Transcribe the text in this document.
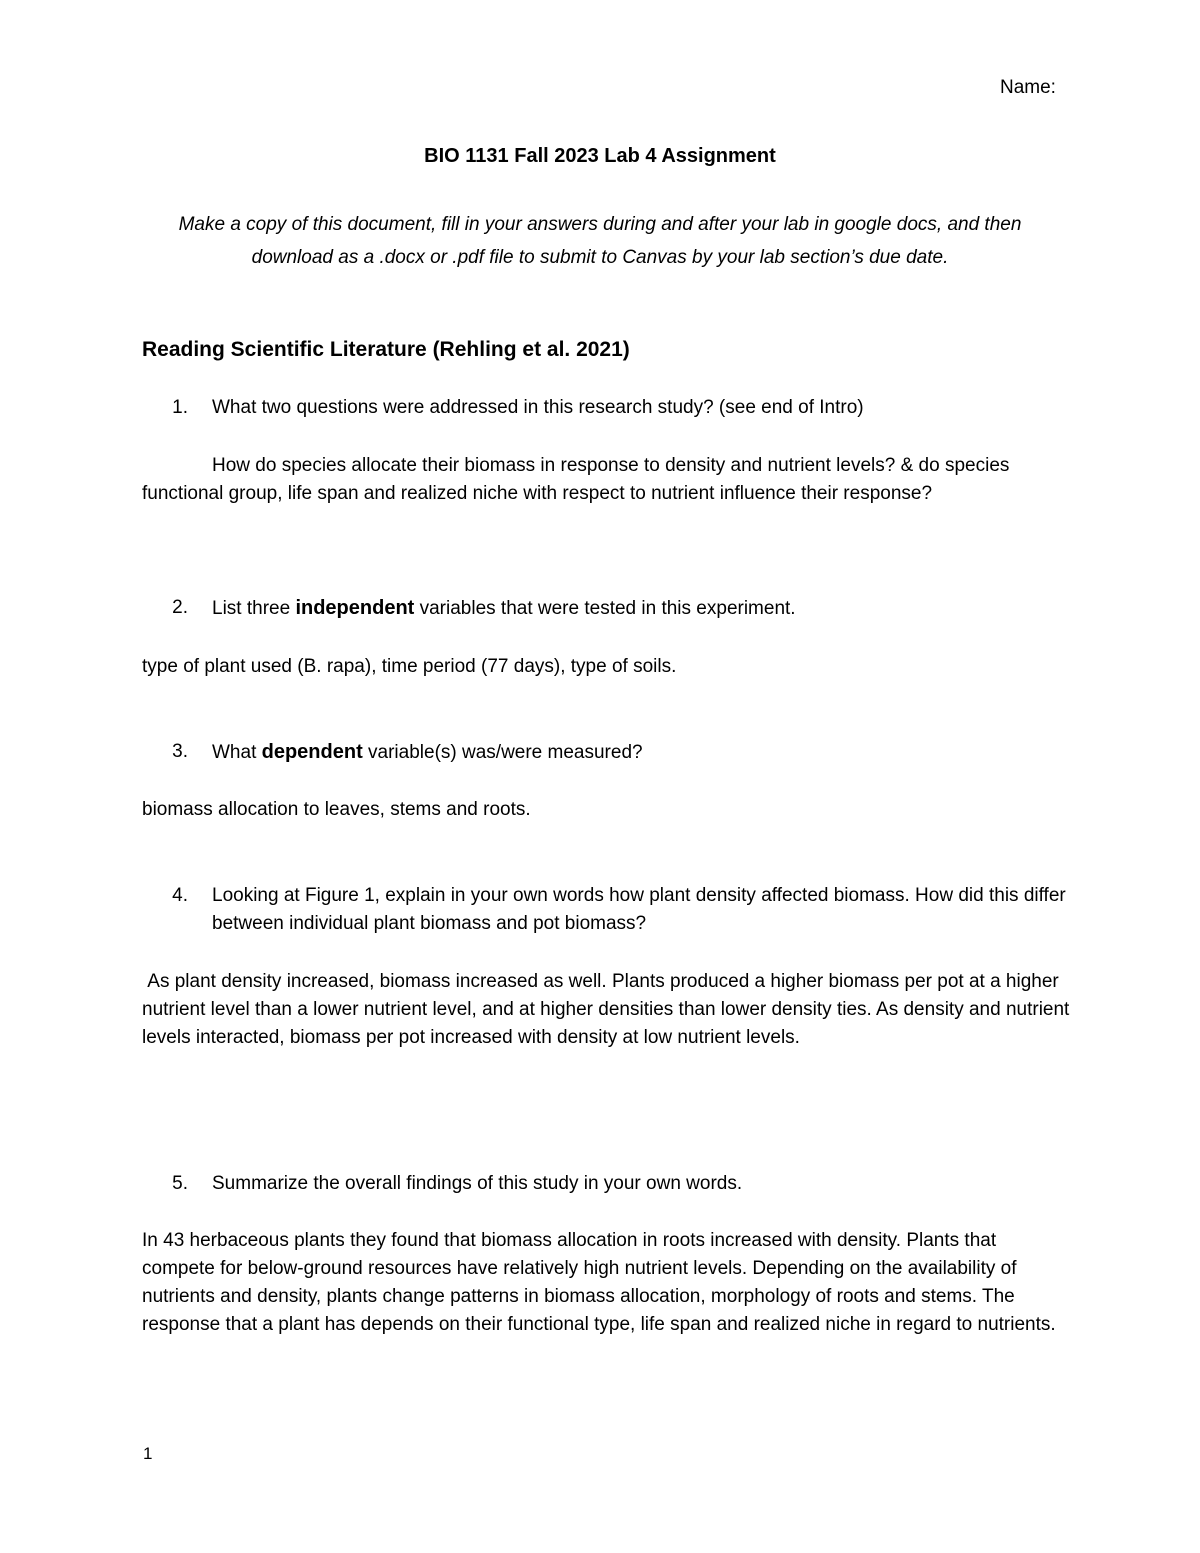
Name:
BIO 1131 Fall 2023 Lab 4 Assignment
Make a copy of this document, fill in your answers during and after your lab in google docs, and then download as a .docx or .pdf file to submit to Canvas by your lab section’s due date.
Reading Scientific Literature (Rehling et al. 2021)
1. What two questions were addressed in this research study? (see end of Intro)
How do species allocate their biomass in response to density and nutrient levels? & do species functional group, life span and realized niche with respect to nutrient influence their response?
2. List three independent variables that were tested in this experiment.
type of plant used (B. rapa), time period (77 days), type of soils.
3. What dependent variable(s) was/were measured?
biomass allocation to leaves, stems and roots.
4. Looking at Figure 1, explain in your own words how plant density affected biomass. How did this differ between individual plant biomass and pot biomass?
As plant density increased, biomass increased as well. Plants produced a higher biomass per pot at a higher nutrient level than a lower nutrient level, and at higher densities than lower density ties. As density and nutrient levels interacted, biomass per pot increased with density at low nutrient levels.
5. Summarize the overall findings of this study in your own words.
In 43 herbaceous plants they found that biomass allocation in roots increased with density. Plants that compete for below-ground resources have relatively high nutrient levels. Depending on the availability of nutrients and density, plants change patterns in biomass allocation, morphology of roots and stems. The response that a plant has depends on their functional type, life span and realized niche in regard to nutrients.
1
